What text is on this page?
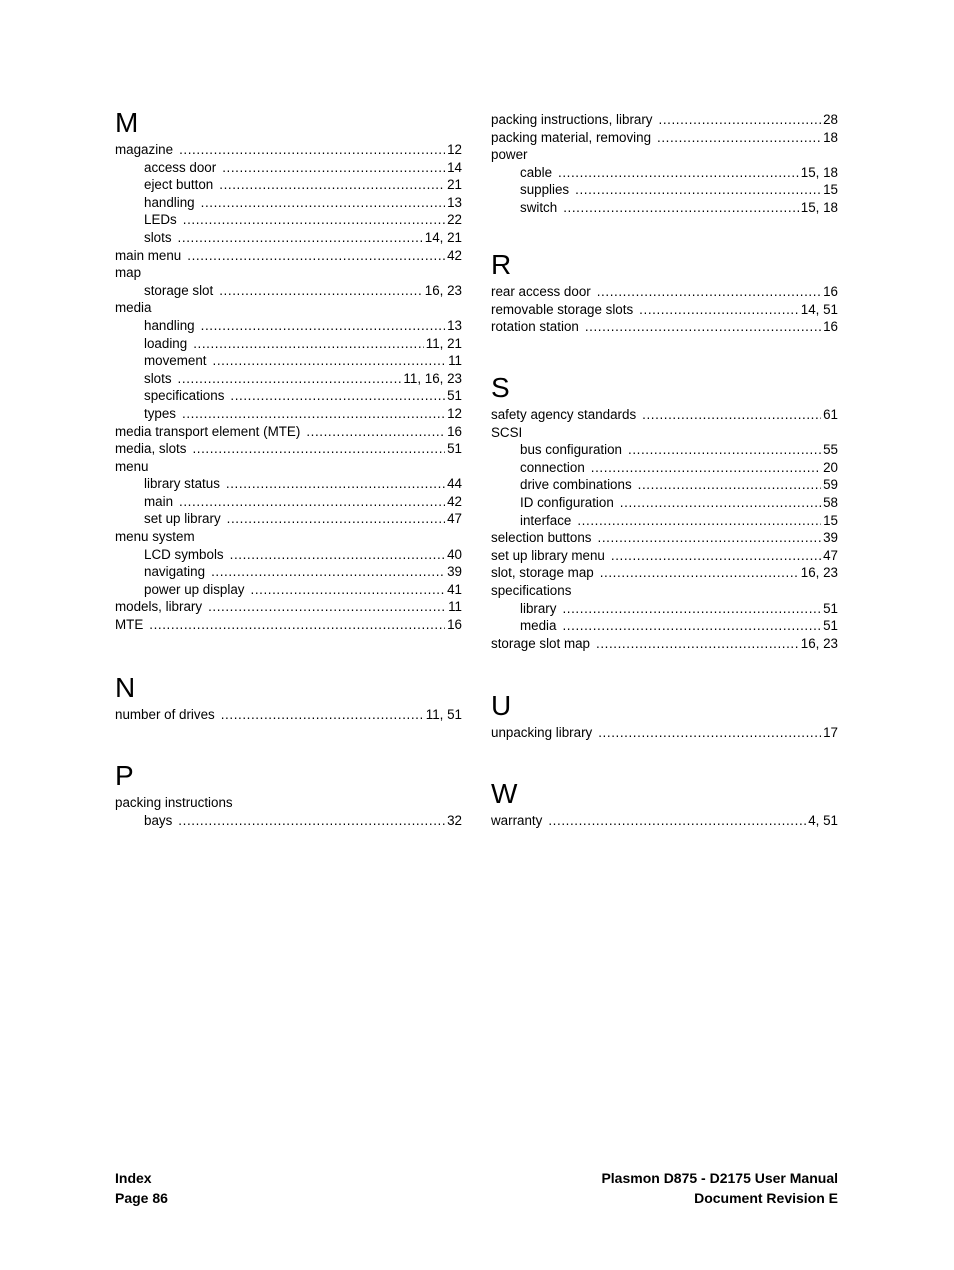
M
magazine .....	12
access door .....	14
eject button .....	21
handling .....	13
LEDs .....	22
slots .....	14, 21
main menu .....	42
map
storage slot .....	16, 23
media
handling .....	13
loading .....	11, 21
movement .....	11
slots .....	11, 16, 23
specifications .....	51
types .....	12
media transport element (MTE) .....	16
media, slots .....	51
menu
library status .....	44
main .....	42
set up library .....	47
menu system
LCD symbols .....	40
navigating .....	39
power up display .....	41
models, library .....	11
MTE .....	16
N
number of drives .....	11, 51
P
packing instructions
bays .....	32
packing instructions, library .....	28
packing material, removing .....	18
power
cable .....	15, 18
supplies .....	15
switch .....	15, 18
R
rear access door .....	16
removable storage slots .....	14, 51
rotation station .....	16
S
safety agency standards .....	61
SCSI
bus configuration .....	55
connection .....	20
drive combinations .....	59
ID configuration .....	58
interface .....	15
selection buttons .....	39
set up library menu .....	47
slot, storage map .....	16, 23
specifications
library .....	51
media .....	51
storage slot map .....	16, 23
U
unpacking library .....	17
W
warranty .....	4, 51
Index
Page 86
Plasmon D875 - D2175 User Manual
Document Revision E
